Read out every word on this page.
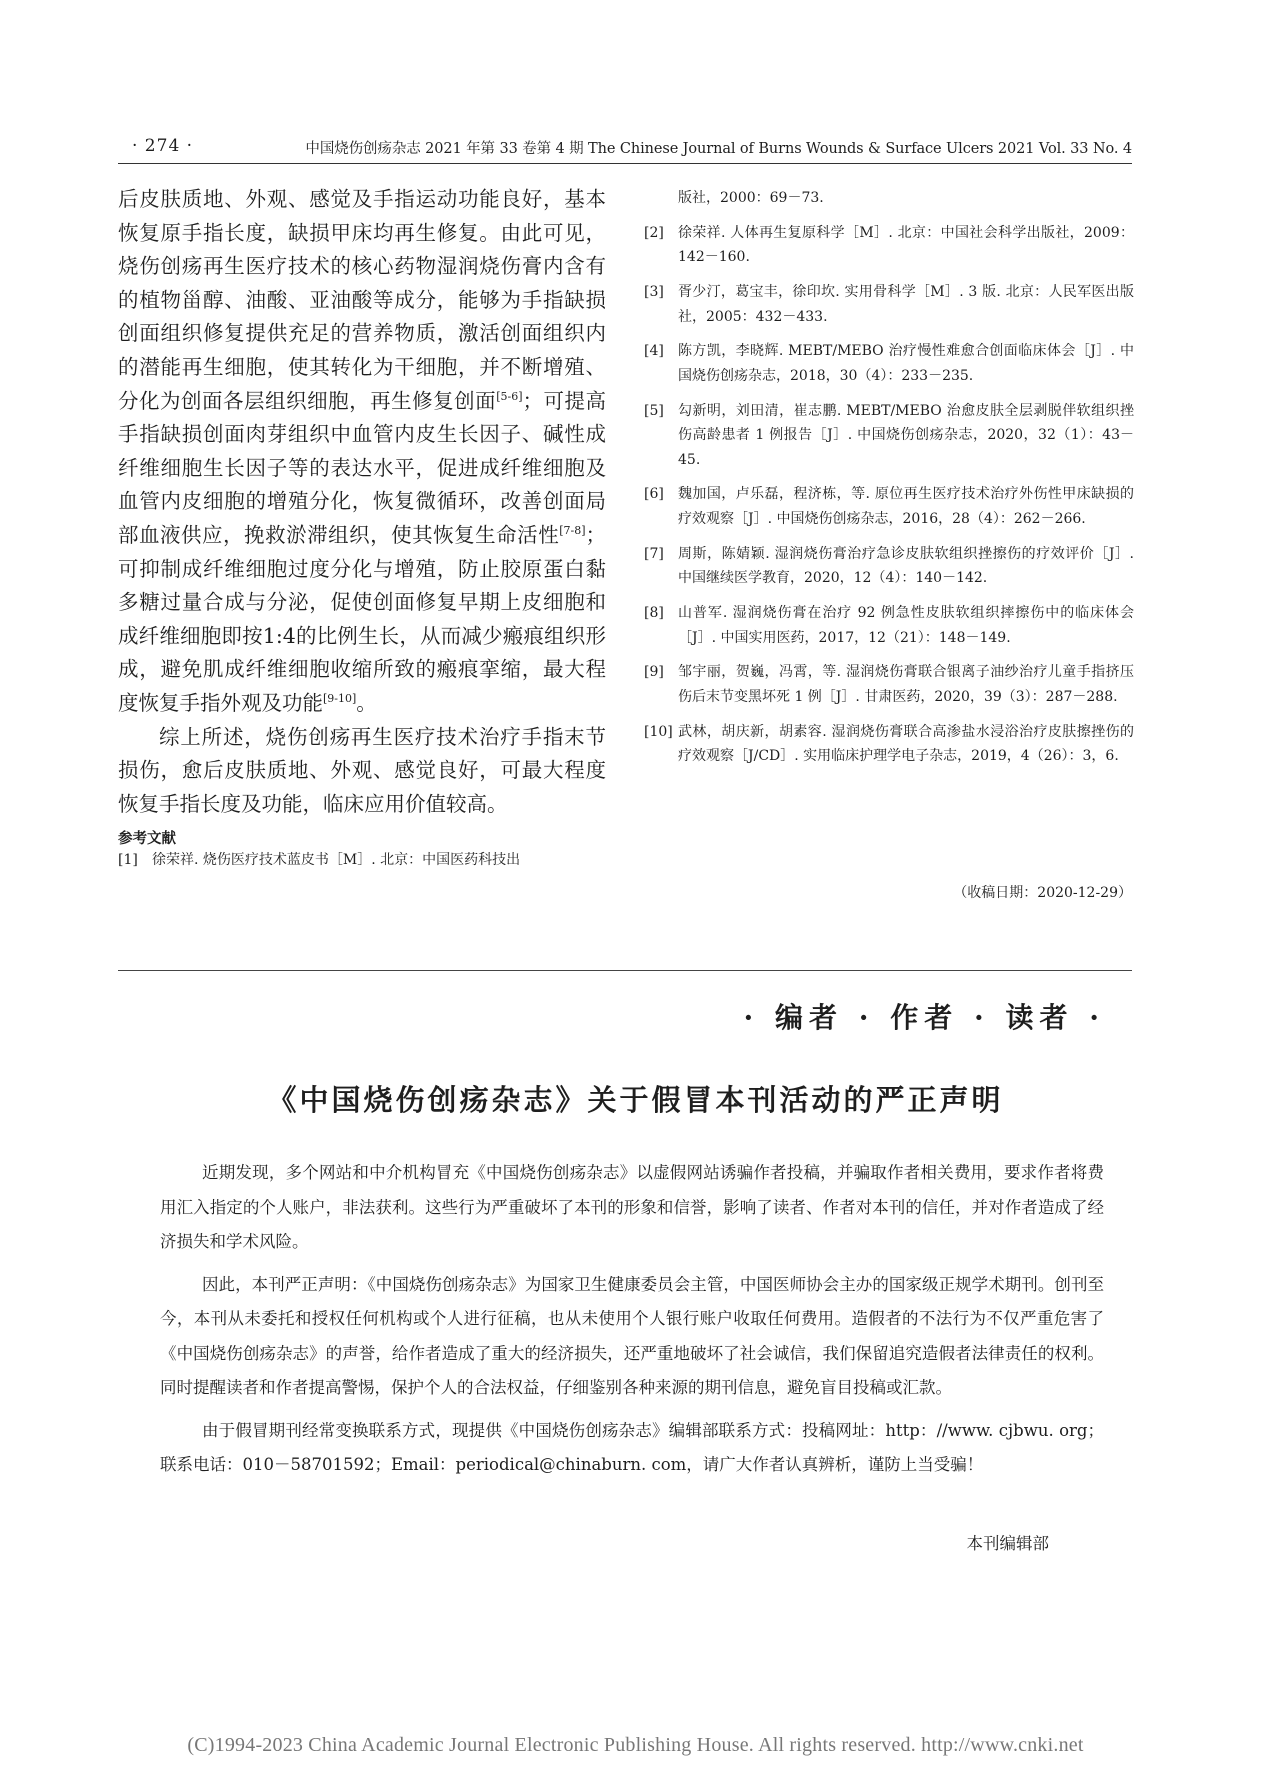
· 274 ·	中国烧伤创疡杂志 2021 年第 33 卷第 4 期 The Chinese Journal of Burns Wounds & Surface Ulcers 2021 Vol. 33 No. 4

后皮肤质地、外观、感觉及手指运动功能良好，基本恢复原手指长度，缺损甲床均再生修复。由此可见，烧伤创疡再生医疗技术的核心药物湿润烧伤膏内含有的植物甾醇、油酸、亚油酸等成分，能够为手指缺损创面组织修复提供充足的营养物质，激活创面组织内的潜能再生细胞，使其转化为干细胞，并不断增殖、分化为创面各层组织细胞，再生修复创面[5-6]；可提高手指缺损创面肉芽组织中血管内皮生长因子、碱性成纤维细胞生长因子等的表达水平，促进成纤维细胞及血管内皮细胞的增殖分化，恢复微循环，改善创面局部血液供应，挽救淤滞组织，使其恢复生命活性[7-8]；可抑制成纤维细胞过度分化与增殖，防止胶原蛋白黏多糖过量合成与分泌，促使创面修复早期上皮细胞和成纤维细胞即按1:4的比例生长，从而减少瘢痕组织形成，避免肌成纤维细胞收缩所致的瘢痕挛缩，最大程度恢复手指外观及功能[9-10]。

综上所述，烧伤创疡再生医疗技术治疗手指末节损伤，愈后皮肤质地、外观、感觉良好，可最大程度恢复手指长度及功能，临床应用价值较高。

参考文献
[1]	徐荣祥. 烧伤医疗技术蓝皮书［M］. 北京：中国医药科技出
版社，2000：69－73.
[2]	徐荣祥. 人体再生复原科学［M］. 北京：中国社会科学出版社，2009：142－160.
[3]	胥少汀，葛宝丰，徐印坎. 实用骨科学［M］. 3 版. 北京：人民军医出版社，2005：432－433.
[4]	陈方凯，李晓辉. MEBT/MEBO 治疗慢性难愈合创面临床体会［J］. 中国烧伤创疡杂志，2018，30（4）：233－235.
[5]	勾新明，刘田清，崔志鹏. MEBT/MEBO 治愈皮肤全层剥脱伴软组织挫伤高龄患者 1 例报告［J］. 中国烧伤创疡杂志，2020，32（1）：43－45.
[6]	魏加国，卢乐磊，程济栋，等. 原位再生医疗技术治疗外伤性甲床缺损的疗效观察［J］. 中国烧伤创疡杂志，2016，28（4）：262－266.
[7]	周斯，陈婧颖. 湿润烧伤膏治疗急诊皮肤软组织挫擦伤的疗效评价［J］. 中国继续医学教育，2020，12（4）：140－142.
[8]	山普军. 湿润烧伤膏在治疗 92 例急性皮肤软组织摔擦伤中的临床体会［J］. 中国实用医药，2017，12（21）：148－149.
[9]	邹宇丽，贺巍，冯霄，等. 湿润烧伤膏联合银离子油纱治疗儿童手指挤压伤后末节变黑坏死 1 例［J］. 甘肃医药，2020，39（3）：287－288.
[10] 武林，胡庆新，胡素容. 湿润烧伤膏联合高渗盐水浸浴治疗皮肤擦挫伤的疗效观察［J/CD］. 实用临床护理学电子杂志，2019，4（26）：3，6.
（收稿日期：2020-12-29）
· 编者 · 作者 · 读者 ·
《中国烧伤创疡杂志》关于假冒本刊活动的严正声明

近期发现，多个网站和中介机构冒充《中国烧伤创疡杂志》以虚假网站诱骗作者投稿，并骗取作者相关费用，要求作者将费用汇入指定的个人账户，非法获利。这些行为严重破坏了本刊的形象和信誉，影响了读者、作者对本刊的信任，并对作者造成了经济损失和学术风险。

因此，本刊严正声明：《中国烧伤创疡杂志》为国家卫生健康委员会主管，中国医师协会主办的国家级正规学术期刊。创刊至今，本刊从未委托和授权任何机构或个人进行征稿，也从未使用个人银行账户收取任何费用。造假者的不法行为不仅严重危害了《中国烧伤创疡杂志》的声誉，给作者造成了重大的经济损失，还严重地破坏了社会诚信，我们保留追究造假者法律责任的权利。同时提醒读者和作者提高警惕，保护个人的合法权益，仔细鉴别各种来源的期刊信息，避免盲目投稿或汇款。

由于假冒期刊经常变换联系方式，现提供《中国烧伤创疡杂志》编辑部联系方式：投稿网址：http：//www. cjbwu. org；联系电话：010－58701592；Email：periodical@chinaburn. com，请广大作者认真辨析，谨防上当受骗！

本刊编辑部
(C)1994-2023 China Academic Journal Electronic Publishing House. All rights reserved. http://www.cnki.net
